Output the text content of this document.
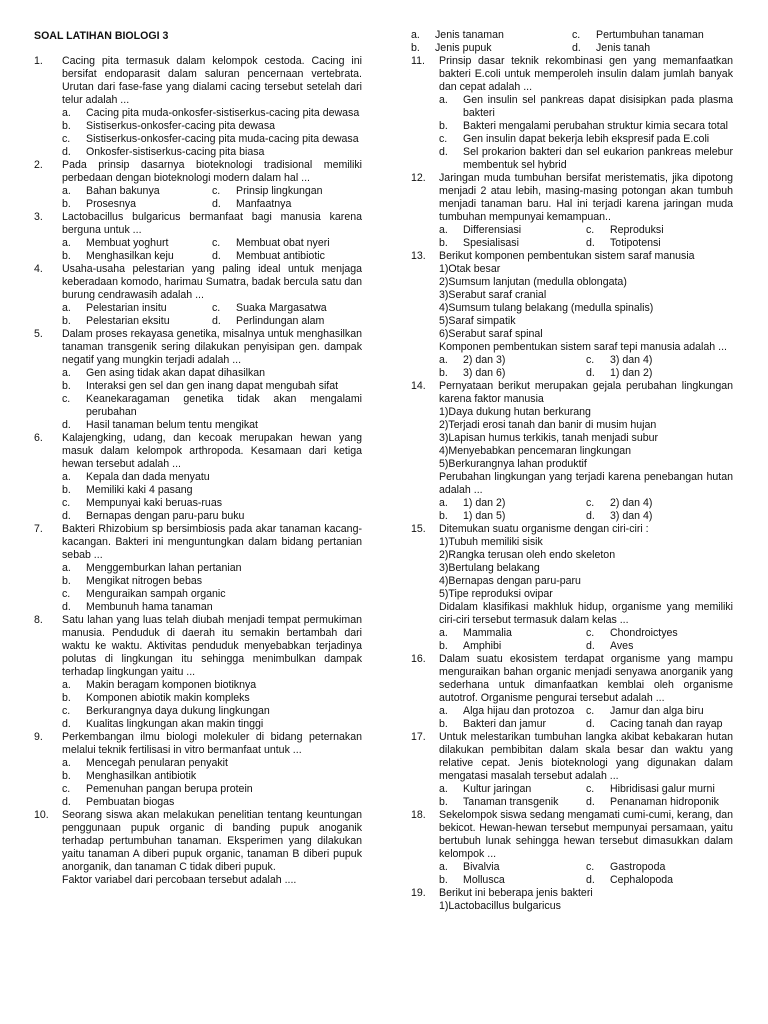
SOAL LATIHAN BIOLOGI 3
1.	Cacing pita termasuk dalam kelompok cestoda. Cacing ini bersifat endoparasit dalam saluran pencernaan vertebrata. Urutan dari fase-fase yang dialami cacing tersebut setelah dari telur adalah ...
a. Cacing pita muda-onkosfer-sistiserkus-cacing pita dewasa
b. Sistiserkus-onkosfer-cacing pita dewasa
c. Sistiserkus-onkosfer-cacing pita muda-cacing pita dewasa
d. Onkosfer-sistiserkus-cacing pita biasa
2.	Pada prinsip dasarnya bioteknologi tradisional memiliki perbedaan dengan bioteknologi modern dalam hal ...
a. Bahan bakunya	c. Prinsip lingkungan
b. Prosesnya	d. Manfaatnya
3.	Lactobacillus bulgaricus bermanfaat bagi manusia karena berguna untuk ...
a. Membuat yoghurt	c. Membuat obat nyeri
b. Menghasilkan keju	d. Membuat antibiotic
4.	Usaha-usaha pelestarian yang paling ideal untuk menjaga keberadaan komodo, harimau Sumatra, badak bercula satu dan burung cendrawasih adalah ...
a. Pelestarian insitu	c. Suaka Margasatwa
b. Pelestarian eksitu	d. Perlindungan alam
5.	Dalam proses rekayasa genetika, misalnya untuk menghasilkan tanaman transgenik sering dilakukan penyisipan gen. dampak negatif yang mungkin terjadi adalah ...
a. Gen asing tidak akan dapat dihasilkan
b. Interaksi gen sel dan gen inang dapat mengubah sifat
c. Keanekaragaman genetika tidak akan mengalami perubahan
d. Hasil tanaman belum tentu mengikat
6.	Kalajengking, udang, dan kecoak merupakan hewan yang masuk dalam kelompok arthropoda. Kesamaan dari ketiga hewan tersebut adalah ...
a. Kepala dan dada menyatu
b. Memiliki kaki 4 pasang
c. Mempunyai kaki beruas-ruas
d. Bernapas dengan paru-paru buku
7.	Bakteri Rhizobium sp bersimbiosis pada akar tanaman kacang-kacangan. Bakteri ini menguntungkan dalam bidang pertanian sebab ...
a. Menggemburkan lahan pertanian
b. Mengikat nitrogen bebas
c. Menguraikan sampah organic
d. Membunuh hama tanaman
8.	Satu lahan yang luas telah diubah menjadi tempat permukiman manusia. Penduduk di daerah itu semakin bertambah dari waktu ke waktu. Aktivitas penduduk menyebabkan terjadinya polutas di lingkungan itu sehingga menimbulkan dampak terhadap lingkungan yaitu ...
a. Makin beragam komponen biotiknya
b. Komponen abiotik makin kompleks
c. Berkurangnya daya dukung lingkungan
d. Kualitas lingkungan akan makin tinggi
9.	Perkembangan ilmu biologi molekuler di bidang peternakan melalui teknik fertilisasi in vitro bermanfaat untuk ...
a. Mencegah penularan penyakit
b. Menghasilkan antibiotik
c. Pemenuhan pangan berupa protein
d. Pembuatan biogas
10.	Seorang siswa akan melakukan penelitian tentang keuntungan penggunaan pupuk organic di banding pupuk anoganik terhadap pertumbuhan tanaman. Eksperimen yang dilakukan yaitu tanaman A diberi pupuk organic, tanaman B diberi pupuk anorganik, dan tanaman C tidak diberi pupuk.
Faktor variabel dari percobaan tersebut adalah ....
a. Jenis tanaman	c. Pertumbuhan tanaman
b. Jenis pupuk	d. Jenis tanah
11.	Prinsip dasar teknik rekombinasi gen yang memanfaatkan bakteri E.coli untuk memperoleh insulin dalam jumlah banyak dan cepat adalah ...
a. Gen insulin sel pankreas dapat disisipkan pada plasma bakteri
b. Bakteri mengalami perubahan struktur kimia secara total
c. Gen insulin dapat bekerja lebih ekspresif pada E.coli
d. Sel prokarion bakteri dan sel eukarion pankreas melebur membentuk sel hybrid
12.	Jaringan muda tumbuhan bersifat meristematis, jika dipotong menjadi 2 atau lebih, masing-masing potongan akan tumbuh menjadi tanaman baru. Hal ini terjadi karena jaringan muda tumbuhan mempunyai kemampuan..
a. Differensiasi	c. Reproduksi
b. Spesialisasi	d. Totipotensi
13.	Berikut komponen pembentukan sistem saraf manusia
1)Otak besar
2)Sumsum lanjutan (medulla oblongata)
3)Serabut saraf cranial
4)Sumsum tulang belakang (medulla spinalis)
5)Saraf simpatik
6)Serabut saraf spinal
Komponen pembentukan sistem saraf tepi manusia adalah ...
a. 2) dan 3)	c. 3) dan 4)
b. 3) dan 6)	d. 1) dan 2)
14.	Pernyataan berikut merupakan gejala perubahan lingkungan karena faktor manusia
1)Daya dukung hutan berkurang
2)Terjadi erosi tanah dan banir di musim hujan
3)Lapisan humus terkikis, tanah menjadi subur
4)Menyebabkan pencemaran lingkungan
5)Berkurangnya lahan produktif
Perubahan lingkungan yang terjadi karena penebangan hutan adalah ...
a. 1) dan 2)	c. 2) dan 4)
b. 1) dan 5)	d. 3) dan 4)
15.	Ditemukan suatu organisme dengan ciri-ciri :
1)Tubuh memiliki sisik
2)Rangka terusan oleh endo skeleton
3)Bertulang belakang
4)Bernapas dengan paru-paru
5)Tipe reproduksi ovipar
Didalam klasifikasi makhluk hidup, organisme yang memiliki ciri-ciri tersebut termasuk dalam kelas ...
a. Mammalia	c. Chondroictyes
b. Amphibi	d. Aves
16.	Dalam suatu ekosistem terdapat organisme yang mampu menguraikan bahan organic menjadi senyawa anorganik yang sederhana untuk dimanfaatkan kemblai oleh organisme autotrof. Organisme pengurai tersebut adalah ...
a. Alga hijau dan protozoa	c. Jamur dan alga biru
b. Bakteri dan jamur	d. Cacing tanah dan rayap
17.	Untuk melestarikan tumbuhan langka akibat kebakaran hutan dilakukan pembibitan dalam skala besar dan waktu yang relative cepat. Jenis bioteknologi yang digunakan dalam mengatasi masalah tersebut adalah ...
a. Kultur jaringan	c. Hibridisasi galur murni
b. Tanaman transgenik	d. Penanaman hidroponik
18.	Sekelompok siswa sedang mengamati cumi-cumi, kerang, dan bekicot. Hewan-hewan tersebut mempunyai persamaan, yaitu bertubuh lunak sehingga hewan tersebut dimasukkan dalam kelompok ...
a. Bivalvia	c. Gastropoda
b. Mollusca	d. Cephalopoda
19.	Berikut ini beberapa jenis bakteri
1)Lactobacillus bulgaricus
